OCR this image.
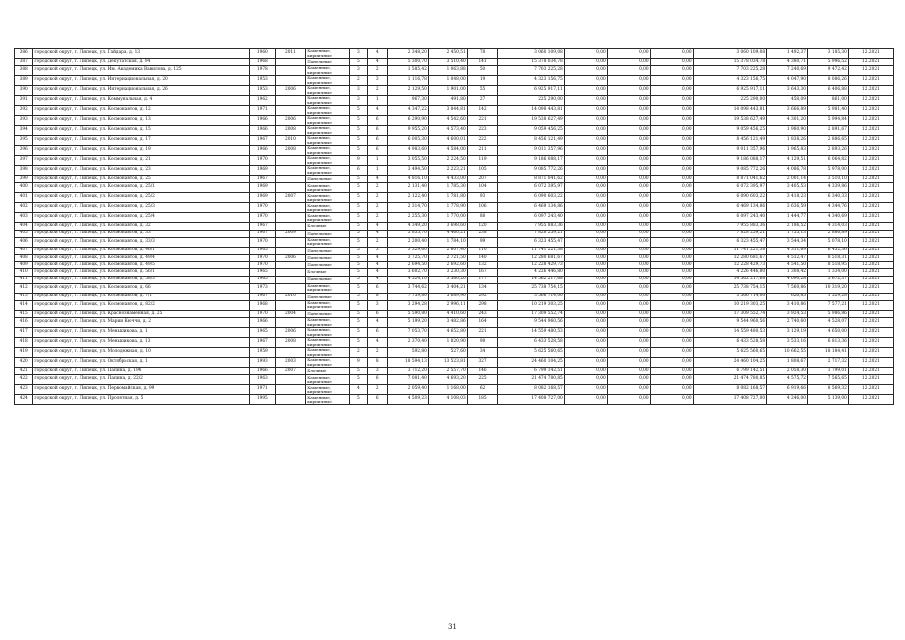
386	городской округ, г. Липецк, ул. Гайдара, д. 13	1960	2011	Каменные, кирпичные	3	4	2 348,20	2 450,51	78	3 060 109,08	0,00	0,00	0,00	3 060 109,08	1 492,37	3 185,30	12.2021
387	городской округ, г. Липецк, ул. Депутатская, д. 94	1968		Панельные	5	4	5 300,70	3 510,40	141	15 378 034,78	0,00	0,00	0,00	15 378 034,78	4 380,71	5 996,52	12.2021
388	городской округ, г. Липецк, ул. Им. Академика Вавилова, д. 125	1978		Каменные, кирпичные	3	2	1 585,42	1 063,88	50	7 703 225,28	0,00	0,00	0,00	7 703 225,28	7 240,69	9 472,42	12.2021
389	городской округ, г. Липецк, ул. Интернациональная, д. 20	1953		Каменные, кирпичные	2	3	1 116,78	1 048,00	19	4 323 156,75	0,00	0,00	0,00	4 323 156,75	4 047,90	8 086,26	12.2021
390	городской округ, г. Липецк, ул. Интернациональная, д. 26	1953	2006	Каменные, кирпичные	3	2	2 129,50	1 901,00	55	6 925 917,11	0,00	0,00	0,00	6 925 917,11	3 643,30	6 406,88	12.2021
391	городской округ, г. Липецк, ул. Коммунальная, д. 4	1962		Каменные, кирпичные	3	1	967,30	491,80	27	225 290,00	0,00	0,00	0,00	225 290,00	458,09	861,00	12.2021
392	городской округ, г. Липецк, ул. Космонавтов, д. 12	1971		Каменные, кирпичные	5	4	4 347,22	3 844,81	142	14 098 443,81	0,00	0,00	0,00	14 098 443,81	3 666,89	5 981,40	12.2021
393	городской округ, г. Липецк, ул. Космонавтов, д. 13	1966	2006	Каменные, кирпичные	5	6	6 290,90	4 542,60	221	19 538 627,49	0,00	0,00	0,00	19 538 627,49	4 301,20	5 994,84	12.2021
394	городской округ, г. Липецк, ул. Космонавтов, д. 15	1966	2008	Каменные, кирпичные	5	6	9 955,20	4 573,40	223	9 059 456,25	0,00	0,00	0,00	9 059 456,25	1 980,90	2 891,67	12.2021
395	городской округ, г. Липецк, ул. Космонавтов, д. 17	1967	2010	Каменные, кирпичные	5	6	6 005,30	4 600,01	222	8 456 121,49	0,00	0,00	0,00	8 456 121,49	1 838,26	2 886,65	12.2021
396	городской округ, г. Липецк, ул. Космонавтов, д. 19	1966	2008	Каменные, кирпичные	5	6	4 983,60	4 584,00	211	9 011 357,96	0,00	0,00	0,00	9 011 357,96	1 965,83	2 893,26	12.2021
397	городской округ, г. Липецк, ул. Космонавтов, д. 21	1970		Каменные, кирпичные	9	1	3 055,50	2 224,50	119	9 186 088,17	0,00	0,00	0,00	9 186 088,17	4 129,51	6 064,82	12.2021
398	городской округ, г. Липецк, ул. Космонавтов, д. 23	1969		Каменные, кирпичные	6	1	3 494,50	2 223,21	105	9 085 772,26	0,00	0,00	0,00	9 085 772,26	4 086,78	5 978,00	12.2021
399	городской округ, г. Липецк, ул. Космонавтов, д. 25	1967		Панельные	5	4	4 816,10	4 433,00	207	8 871 041,62	0,00	0,00	0,00	8 871 041,62	2 001,14	3 510,10	12.2021
400	городской округ, г. Липецк, ул. Космонавтов, д. 25/1	1969		Каменные, кирпичные	5	2	2 131,40	1 785,30	104	6 072 395,97	0,00	0,00	0,00	6 072 395,97	3 405,53	4 339,86	12.2021
401	городской округ, г. Липецк, ул. Космонавтов, д. 25/2	1969	2007	Каменные, кирпичные	5	2	2 122,40	1 781,80	93	6 090 603,22	0,00	0,00	0,00	6 090 603,22	3 418,23	6 340,33	12.2021
402	городской округ, г. Липецк, ул. Космонавтов, д. 25/3	1970		Каменные, кирпичные	5	2	2 314,70	1 778,90	106	6 469 134,86	0,00	0,00	0,00	6 469 134,86	3 636,59	4 344,76	12.2021
403	городской округ, г. Липецк, ул. Космонавтов, д. 25/4	1970		Каменные, кирпичные	5	2	2 255,30	1 770,00	88	6 097 243,40	0,00	0,00	0,00	6 097 243,40	1 444,77	4 340,69	12.2021
404	городской округ, г. Липецк, ул. Космонавтов, д. 32	1967		Блочные	5	4	4 349,20	3 698,60	120	7 955 883,36	0,00	0,00	0,00	7 955 883,36	2 186,52	4 314,03	12.2021
405	городской округ, г. Липецк, ул. Космонавтов, д. 33	1967	2009	Панельные	5	4	5 835,70	4 460,21	238	7 828 259,21	0,00	0,00	0,00	7 828 259,21	1 755,13	2 886,89	12.2021
406	городской округ, г. Липецк, ул. Космонавтов, д. 33/3	1970		Каменные, кирпичные	5	2	2 200,40	1 784,10	99	6 323 455,47	0,00	0,00	0,00	6 323 455,47	3 544,34	5 078,10	12.2021
407	городской округ, г. Липецк, ул. Космонавтов, д. 46/1	1965		Панельные	5	3	3 329,60	2 607,40	110	11 741 221,38	0,00	0,00	0,00	11 741 221,38	4 311,69	6 432,36	12.2021
408	городской округ, г. Липецк, ул. Космонавтов, д. 49/4	1970	2006	Панельные	5	4	3 725,70	2 721,50	140	12 280 681,67	0,00	0,00	0,00	12 280 681,67	4 512,47	8 518,31	12.2021
409	городской округ, г. Липецк, ул. Космонавтов, д. 49/5	1970		Панельные	5	4	2 694,50	2 692,60	132	12 228 429,73	0,00	0,00	0,00	12 228 429,73	4 541,50	8 518,95	12.2021
410	городской округ, г. Липецк, ул. Космонавтов, д. 56/1	1965		Блочные	5	4	3 602,70	3 230,30	167	4 226 446,80	0,00	0,00	0,00	4 226 446,80	1 308,42	1 334,00	12.2021
411	городской округ, г. Липецк, ул. Космонавтов, д. 58/3	1965		Панельные	5	4	4 524,10	3 560,20	177	14 562 217,68	0,00	0,00	0,00	14 562 217,68	4 090,28	5 672,37	12.2021
412	городской округ, г. Липецк, ул. Космонавтов, д. 66	1973		Каменные, кирпичные	5	6	3 744,62	3 404,21	134	25 738 754,15	0,00	0,00	0,00	25 738 754,15	7 560,86	10 319,20	12.2021
413	городской округ, г. Липецк, ул. Космонавтов, д. 7/1	1967	2010	Панельные	5	8	7 759,80	5 689,90	292	3 566 714,00	0,00	0,00	0,00	3 566 714,00	626,85	1 529,28	12.2021
414	городской округ, г. Липецк, ул. Космонавтов, д. 82/2	1968		Каменные, кирпичные	5	3	3 294,28	2 996,11	298	10 219 303,25	0,00	0,00	0,00	10 219 303,25	3 410,86	7 577,21	12.2021
415	городской округ, г. Липецк, ул. Краснознаменная, д. 25	1970	2004	Панельные	5	6	5 590,80	4 410,60	243	17 309 552,74	0,00	0,00	0,00	17 309 552,74	3 924,53	5 986,86	12.2021
416	городской округ, г. Липецк, ул. Марии Кюччи, д. 2	1966		Каменные, кирпичные	5	4	5 199,20	3 482,86	164	9 544 960,56	0,00	0,00	0,00	9 544 960,56	2 740,60	4 528,07	12.2021
417	городской округ, г. Липецк, ул. Меньшикова, д. 1	1965	2006	Каменные, кирпичные	5	6	7 053,70	4 652,80	221	14 559 480,53	0,00	0,00	0,00	14 559 480,53	3 129,19	4 650,00	12.2021
418	городской округ, г. Липецк, ул. Меньшикова, д. 13	1967	2008	Каменные, кирпичные	5	4	2 370,40	1 820,90	98	6 433 528,58	0,00	0,00	0,00	6 433 528,58	3 533,16	6 813,36	12.2021
419	городской округ, г. Липецк, ул. Молодежная, д. 10	1959		Каменные, кирпичные	2	2	592,80	527,60	34	5 625 560,65	0,00	0,00	0,00	5 625 560,65	10 662,55	18 184,41	12.2021
420	городской округ, г. Липецк, ул. Октябрьская, д. 1	1993	2003	Каменные, кирпичные	9	8	18 594,13	13 523,81	327	24 460 104,25	0,00	0,00	0,00	24 460 104,25	1 808,67	2 717,32	12.2021
421	городской округ, г. Липецк, ул. Папина, д. 19б	1966	2007	Блочные	5	3	3 712,20	2 557,70	146	6 799 142,51	0,00	0,00	0,00	6 799 142,51	2 058,30	1 799,01	12.2021
422	городской округ, г. Липецк, ул. Папина, д. 22/2	1963		Каменные, кирпичные	5	6	7 081,40	4 693,20	225	21 474 780,85	0,00	0,00	0,00	21 474 780,85	4 575,72	7 565,65	12.2021
423	городской округ, г. Липецк, ул. Первомайская, д. 99	1971		Каменные, кирпичные	4	2	2 059,40	1 168,00	62	8 082 168,57	0,00	0,00	0,00	8 082 168,57	6 919,66	8 569,32	12.2021
424	городской округ, г. Липецк, ул. Пролетная, д. 5	1995		Каменные, кирпичные	5	6	4 509,23	4 108,03	185	17 408 727,00	0,00	0,00	0,00	17 408 727,00	4 246,00	5 139,00	12.2021
31
